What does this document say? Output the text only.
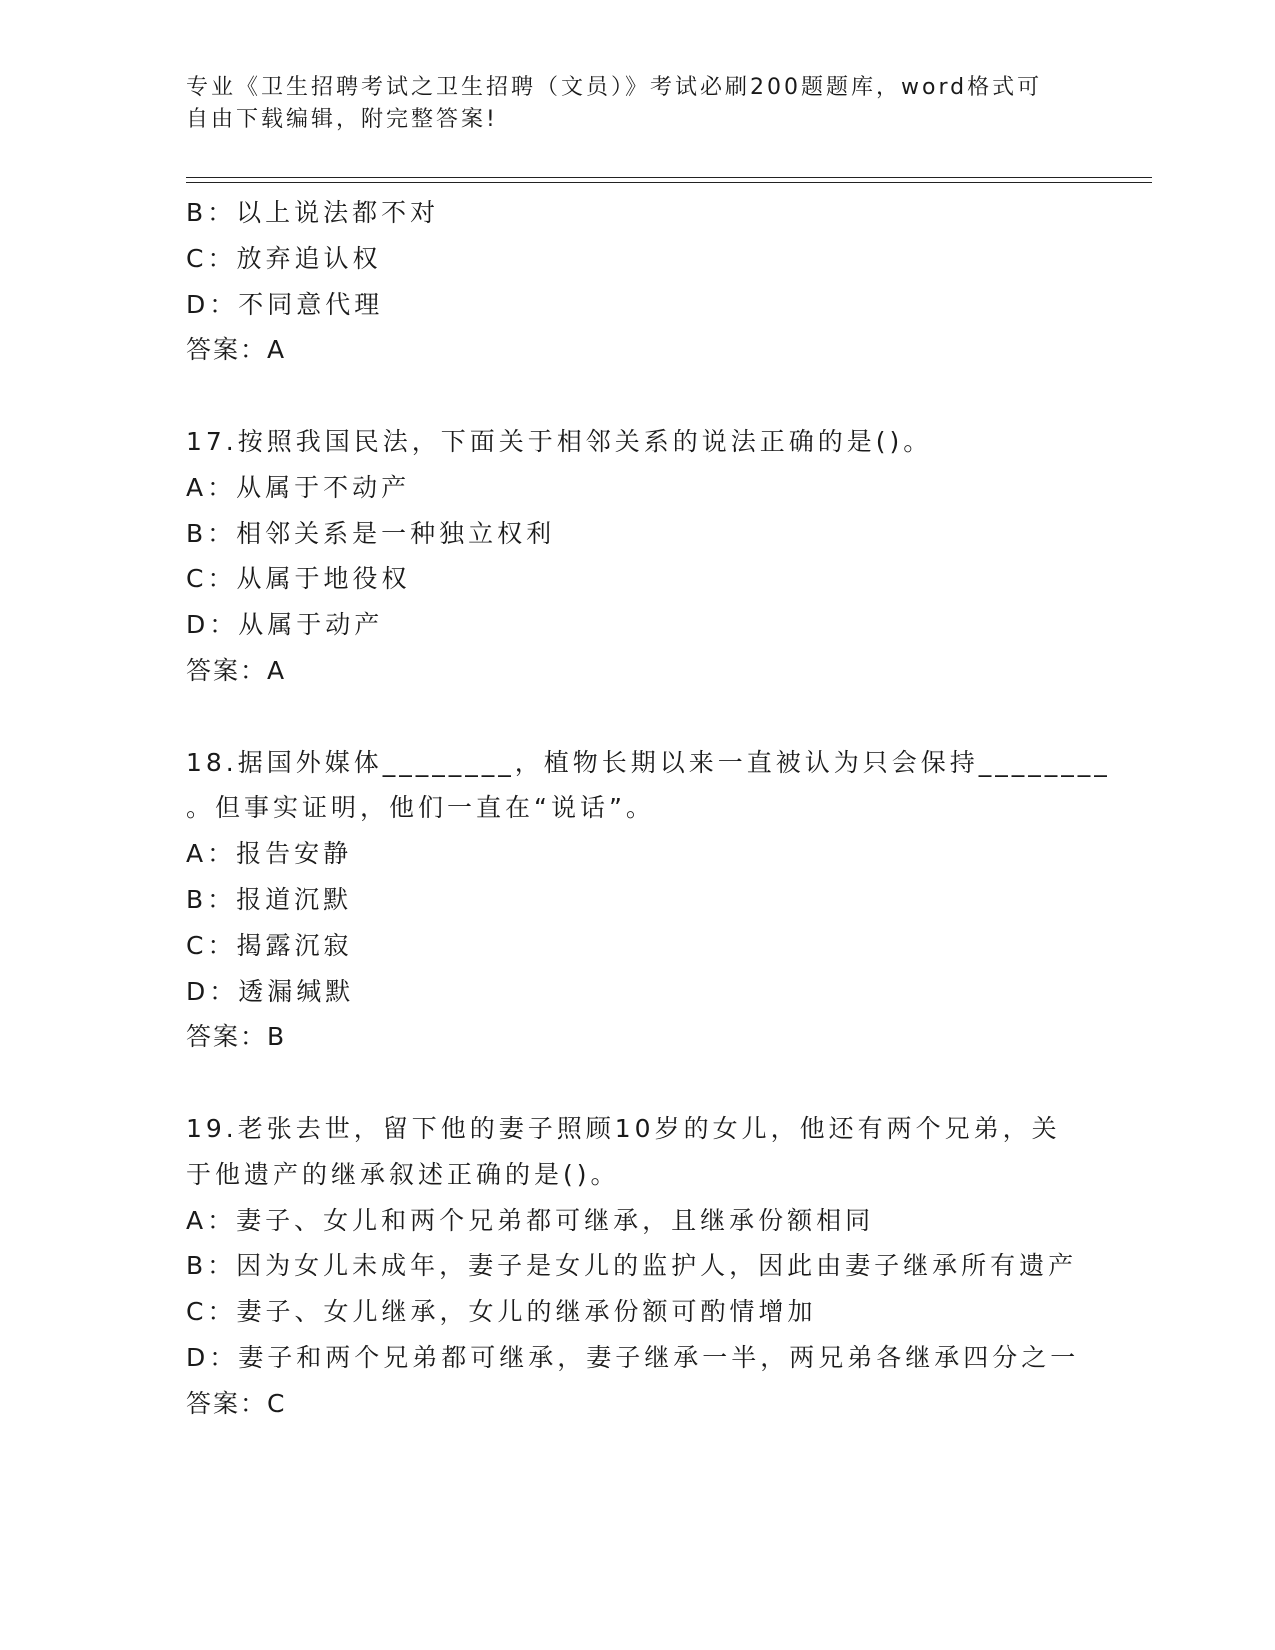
专业《卫生招聘考试之卫生招聘（文员）》考试必刷200题题库，word格式可自由下载编辑，附完整答案!
B：以上说法都不对
C：放弃追认权
D：不同意代理
答案：A
17.按照我国民法，下面关于相邻关系的说法正确的是()。
A：从属于不动产
B：相邻关系是一种独立权利
C：从属于地役权
D：从属于动产
答案：A
18.据国外媒体________，植物长期以来一直被认为只会保持________
。但事实证明，他们一直在“说话”。
A：报告安静
B：报道沉默
C：揭露沉寂
D：透漏缄默
答案：B
19.老张去世，留下他的妻子照顾10岁的女儿，他还有两个兄弟，关
于他遗产的继承叙述正确的是()。
A：妻子、女儿和两个兄弟都可继承，且继承份额相同
B：因为女儿未成年，妻子是女儿的监护人，因此由妻子继承所有遗产
C：妻子、女儿继承，女儿的继承份额可酌情增加
D：妻子和两个兄弟都可继承，妻子继承一半，两兄弟各继承四分之一
答案：C
